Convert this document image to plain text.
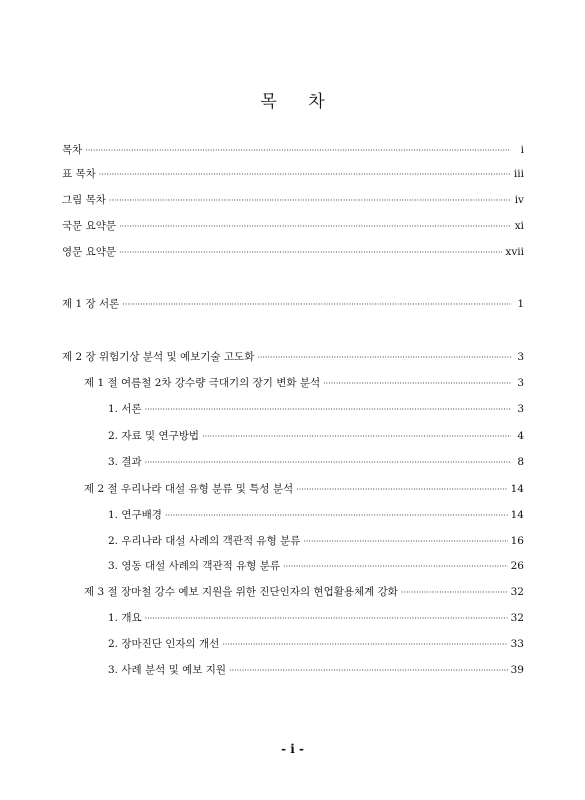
목 차
목차 ·····	i
표 목차 ·····	iii
그림 목차 ·····	iv
국문 요약문 ·····	xi
영문 요약문 ·····	xvii
제 1 장 서론 ·····	1
제 2 장 위험기상 분석 및 예보기술 고도화 ·····	3
제 1 절 여름철 2차 강수량 극대기의 장기 변화 분석 ·····	3
1. 서론 ·····	3
2. 자료 및 연구방법 ·····	4
3. 결과 ·····	8
제 2 절 우리나라 대설 유형 분류 및 특성 분석 ·····	14
1. 연구배경 ·····	14
2. 우리나라 대설 사례의 객관적 유형 분류 ·····	16
3. 영동 대설 사례의 객관적 유형 분류 ·····	26
제 3 절 장마철 강수 예보 지원을 위한 진단인자의 현업활용체계 강화 ·····	32
1. 개요 ·····	32
2. 장마진단 인자의 개선 ·····	33
3. 사례 분석 및 예보 지원 ·····	39
- i -
